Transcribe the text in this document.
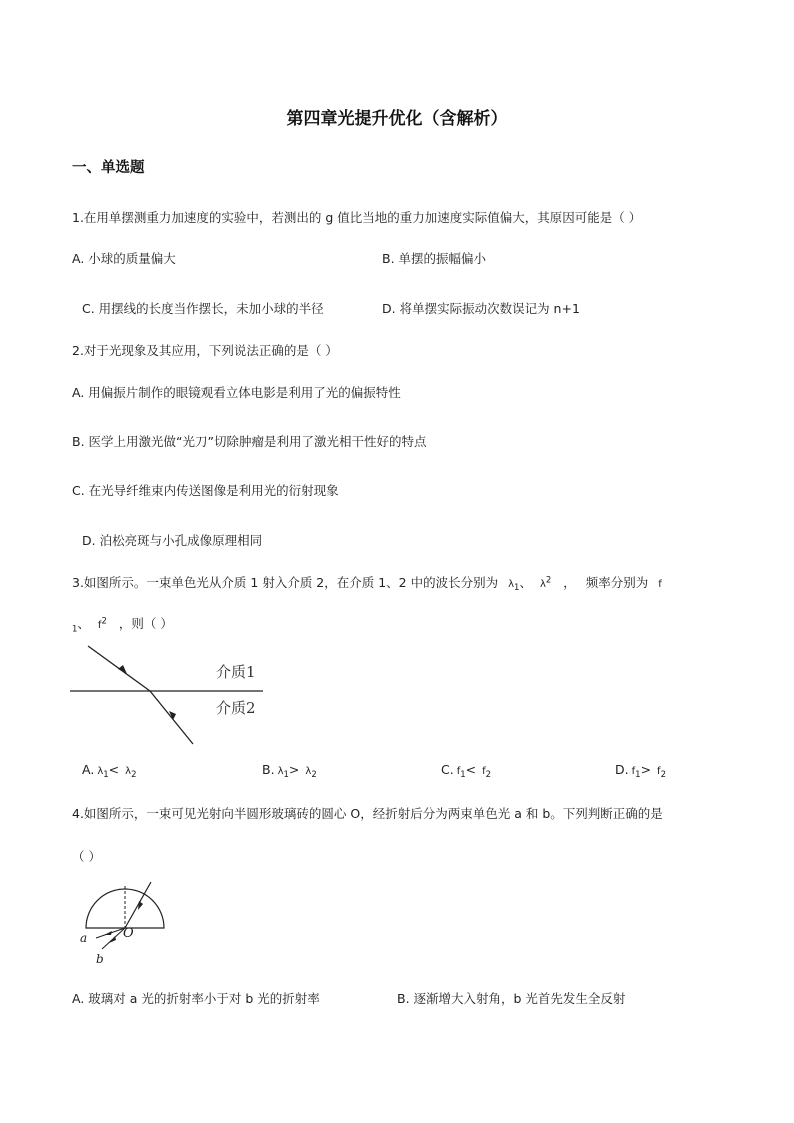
第四章光提升优化（含解析）
一、单选题
1.在用单摆测重力加速度的实验中，若测出的 g 值比当地的重力加速度实际值偏大，其原因可能是（ ）
A. 小球的质量偏大	B. 单摆的振幅偏小
C. 用摆线的长度当作摆长，未加小球的半径	D. 将单摆实际振动次数误记为 n+1
2.对于光现象及其应用，下列说法正确的是（ ）
A. 用偏振片制作的眼镜观看立体电影是利用了光的偏振特性
B. 医学上用激光做“光刀”切除肿瘤是利用了激光相干性好的特点
C. 在光导纤维束内传送图像是利用光的衍射现象
D. 泊松亮斑与小孔成像原理相同
3.如图所示。一束单色光从介质 1 射入介质 2，在介质 1、2 中的波长分别为 $\lambda_1$、 $\lambda^2$ ， 频率分别为 f
$_1$、 $f^2$ ，则（ ）
介质1
介质2
A. $\lambda_1< \lambda_2$	B. $\lambda_1> \lambda_2$	C. $f_1< f_2$	D. $f_1> f_2$
4.如图所示，一束可见光射向半圆形玻璃砖的圆心 O，经折射后分为两束单色光 a 和 b。下列判断正确的是
（ ）
a
b
O
A. 玻璃对 a 光的折射率小于对 b 光的折射率	B. 逐渐增大入射角，b 光首先发生全反射
